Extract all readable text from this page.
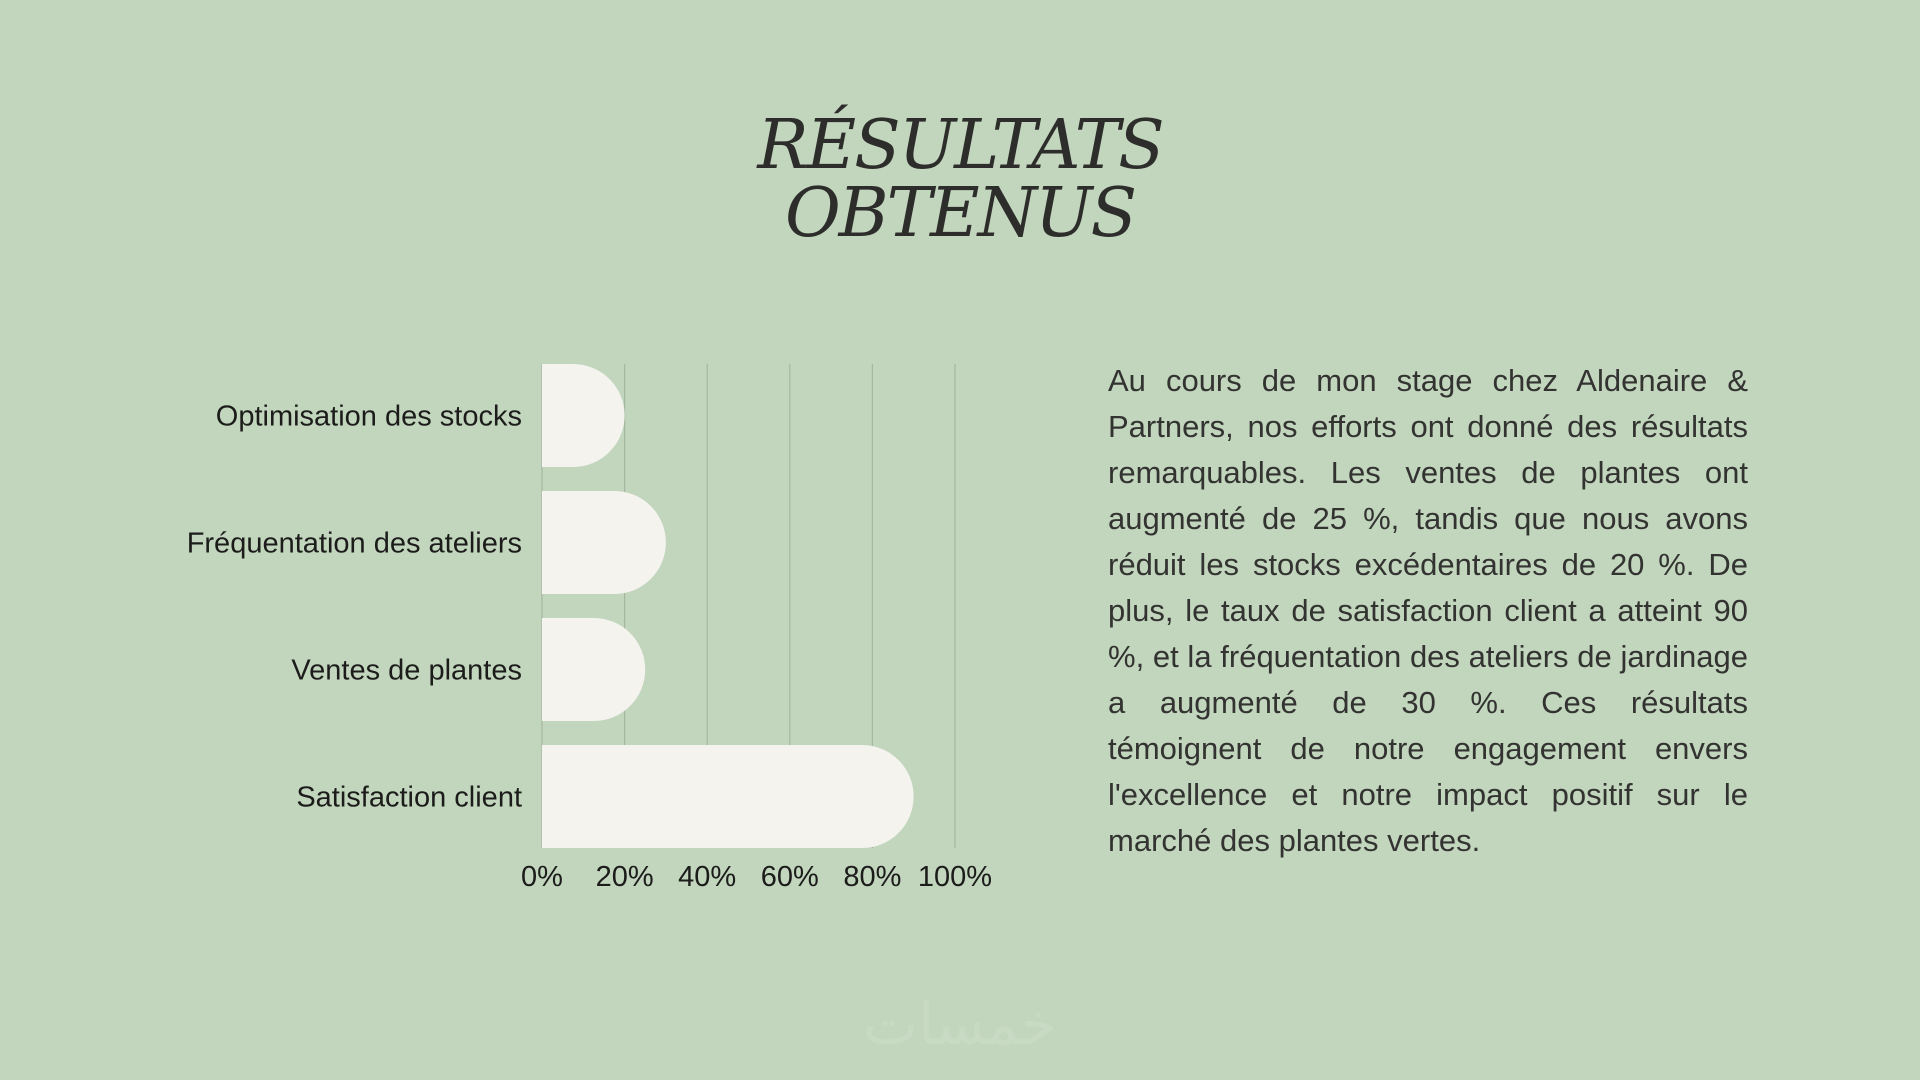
RÉSULTATS
OBTENUS
Optimisation des stocks
Fréquentation des ateliers
Ventes de plantes
Satisfaction client
0% 20% 40% 60% 80% 100%
Au cours de mon stage chez Aldenaire & Partners, nos efforts ont donné des résultats remarquables. Les ventes de plantes ont augmenté de 25 %, tandis que nous avons réduit les stocks excédentaires de 20 %. De plus, le taux de satisfaction client a atteint 90 %, et la fréquentation des ateliers de jardinage a augmenté de 30 %. Ces résultats témoignent de notre engagement envers l'excellence et notre impact positif sur le marché des plantes vertes.
خمسات
